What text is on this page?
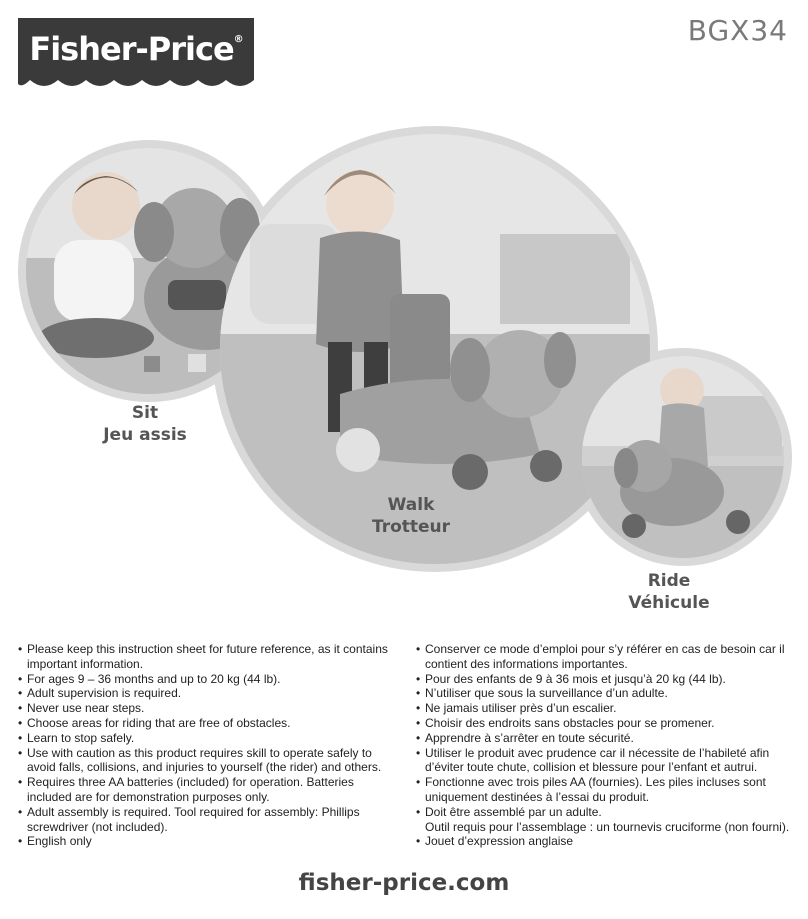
Fisher-Price®	BGX34
Sit
Jeu assis
Walk
Trotteur
Ride
Véhicule
• Please keep this instruction sheet for future reference, as it contains important information.
• For ages 9 – 36 months and up to 20 kg (44 lb).
• Adult supervision is required.
• Never use near steps.
• Choose areas for riding that are free of obstacles.
• Learn to stop safely.
• Use with caution as this product requires skill to operate safely to avoid falls, collisions, and injuries to yourself (the rider) and others.
• Requires three AA batteries (included) for operation. Batteries included are for demonstration purposes only.
• Adult assembly is required. Tool required for assembly: Phillips screwdriver (not included).
• English only
• Conserver ce mode d’emploi pour s’y référer en cas de besoin car il contient des informations importantes.
• Pour des enfants de 9 à 36 mois et jusqu’à 20 kg (44 lb).
• N’utiliser que sous la surveillance d’un adulte.
• Ne jamais utiliser près d’un escalier.
• Choisir des endroits sans obstacles pour se promener.
• Apprendre à s’arrêter en toute sécurité.
• Utiliser le produit avec prudence car il nécessite de l’habileté afin d’éviter toute chute, collision et blessure pour l’enfant et autrui.
• Fonctionne avec trois piles AA (fournies). Les piles incluses sont uniquement destinées à l’essai du produit.
• Doit être assemblé par un adulte.
Outil requis pour l’assemblage : un tournevis cruciforme (non fourni).
• Jouet d’expression anglaise
fisher-price.com
